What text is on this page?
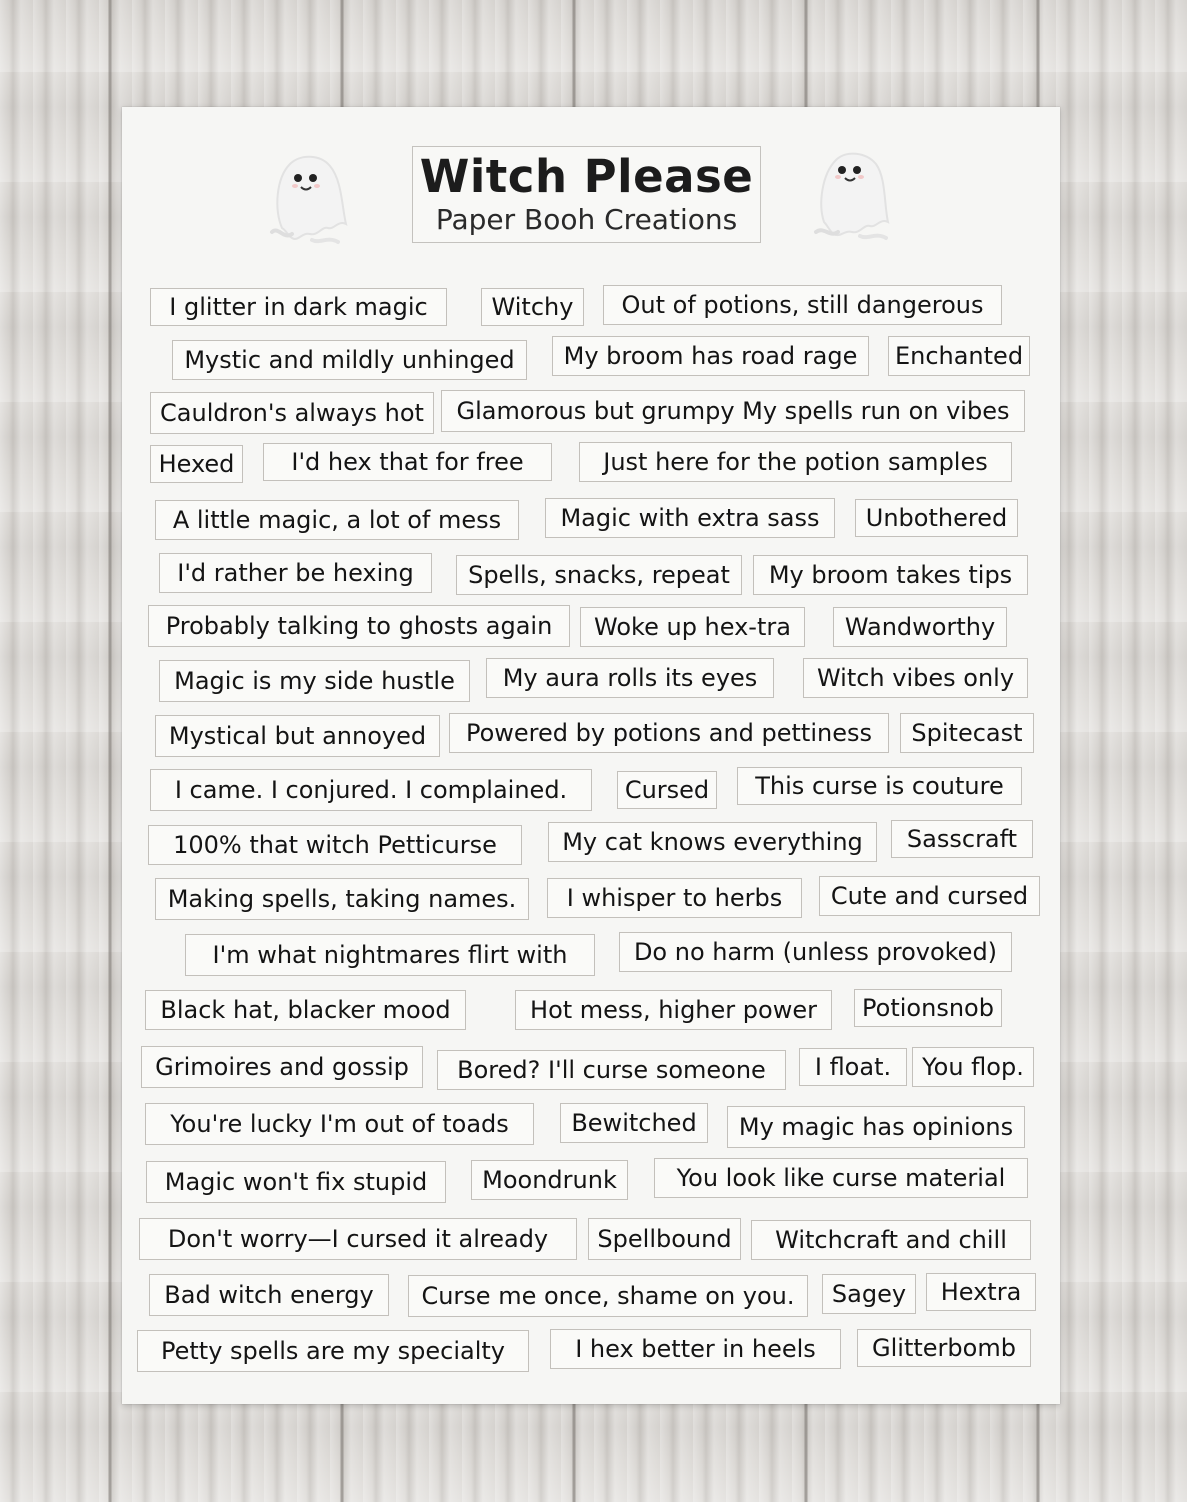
Witch Please
Paper Booh Creations
I glitter in dark magic	Witchy	Out of potions, still dangerous
Mystic and mildly unhinged	My broom has road rage	Enchanted
Cauldron's always hot	Glamorous but grumpy My spells run on vibes
Hexed	I'd hex that for free	Just here for the potion samples
A little magic, a lot of mess	Magic with extra sass	Unbothered
I'd rather be hexing	Spells, snacks, repeat	My broom takes tips
Probably talking to ghosts again	Woke up hex-tra	Wandworthy
Magic is my side hustle	My aura rolls its eyes	Witch vibes only
Mystical but annoyed	Powered by potions and pettiness	Spitecast
I came. I conjured. I complained.	Cursed	This curse is couture
100% that witch Petticurse	My cat knows everything	Sasscraft
Making spells, taking names.	I whisper to herbs	Cute and cursed
I'm what nightmares flirt with	Do no harm (unless provoked)
Black hat, blacker mood	Hot mess, higher power	Potionsnob
Grimoires and gossip	Bored? I'll curse someone	I float.	You flop.
You're lucky I'm out of toads	Bewitched	My magic has opinions
Magic won't fix stupid	Moondrunk	You look like curse material
Don't worry—I cursed it already	Spellbound	Witchcraft and chill
Bad witch energy	Curse me once, shame on you.	Sagey	Hextra
Petty spells are my specialty	I hex better in heels	Glitterbomb
